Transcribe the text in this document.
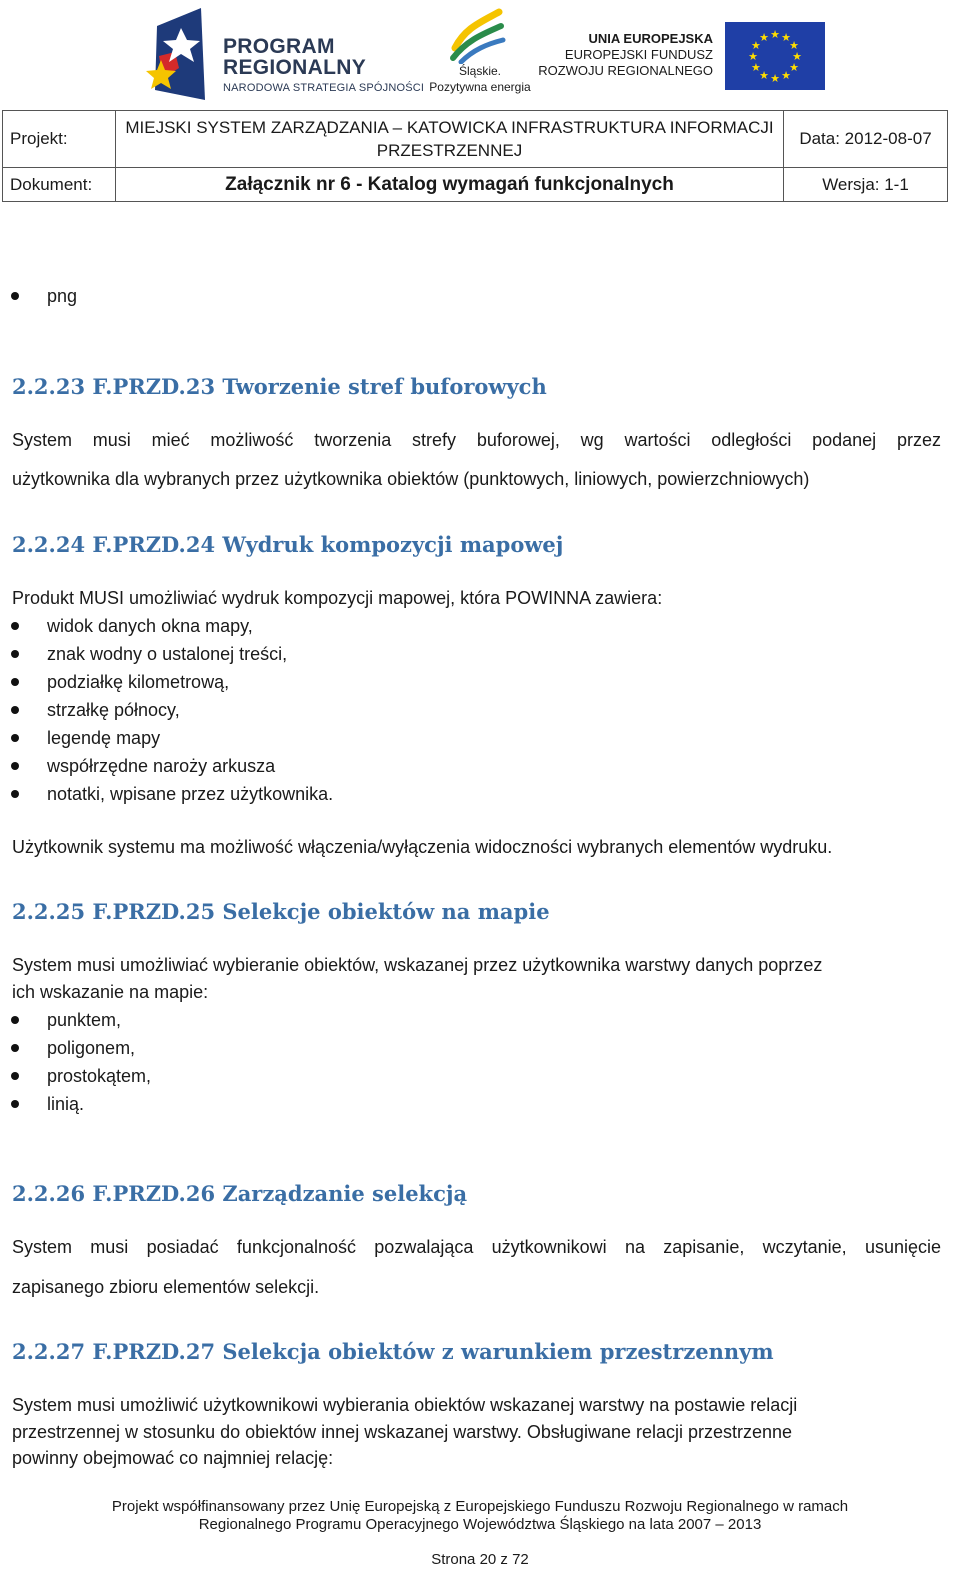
PROGRAM
REGIONALNY
NARODOWA STRATEGIA SPÓJNOŚCI
Śląskie.
Pozytywna energia
UNIA EUROPEJSKA
EUROPEJSKI FUNDUSZ
ROZWOJU REGIONALNEGO
★ ★
★
★
★
★
★
★
★
★
★
★
Projekt:
MIEJSKI SYSTEM ZARZĄDZANIA – KATOWICKA INFRASTRUKTURA INFORMACJI
PRZESTRZENNEJ
Data: 2012-08-07
Dokument:	Załącznik nr 6 - Katalog wymagań funkcjonalnych	Wersja: 1-1
png
2.2.23 F.PRZD.23 Tworzenie stref buforowych
System musi mieć możliwość tworzenia strefy buforowej, wg wartości odległości podanej przez
użytkownika dla wybranych przez użytkownika obiektów (punktowych, liniowych, powierzchniowych)
2.2.24 F.PRZD.24 Wydruk kompozycji mapowej
Produkt MUSI umożliwiać wydruk kompozycji mapowej, która POWINNA zawiera:
widok danych okna mapy,
znak wodny o ustalonej treści,
podziałkę kilometrową,
strzałkę północy,
legendę mapy
współrzędne naroży arkusza
notatki, wpisane przez użytkownika.
Użytkownik systemu ma możliwość włączenia/wyłączenia widoczności wybranych elementów wydruku.
2.2.25 F.PRZD.25 Selekcje obiektów na mapie
System musi umożliwiać wybieranie obiektów, wskazanej przez użytkownika warstwy danych poprzez
ich wskazanie na mapie:
punktem,
poligonem,
prostokątem,
linią.
2.2.26 F.PRZD.26 Zarządzanie selekcją
System musi posiadać funkcjonalność pozwalająca użytkownikowi na zapisanie, wczytanie, usunięcie
zapisanego zbioru elementów selekcji.
2.2.27 F.PRZD.27 Selekcja obiektów z warunkiem przestrzennym
System musi umożliwić użytkownikowi wybierania obiektów wskazanej warstwy na postawie relacji
przestrzennej w stosunku do obiektów innej wskazanej warstwy. Obsługiwane relacji przestrzenne
powinny obejmować co najmniej relację:
Projekt współfinansowany przez Unię Europejską z Europejskiego Funduszu Rozwoju Regionalnego w ramach
Regionalnego Programu Operacyjnego Województwa Śląskiego na lata 2007 – 2013
Strona 20 z 72
